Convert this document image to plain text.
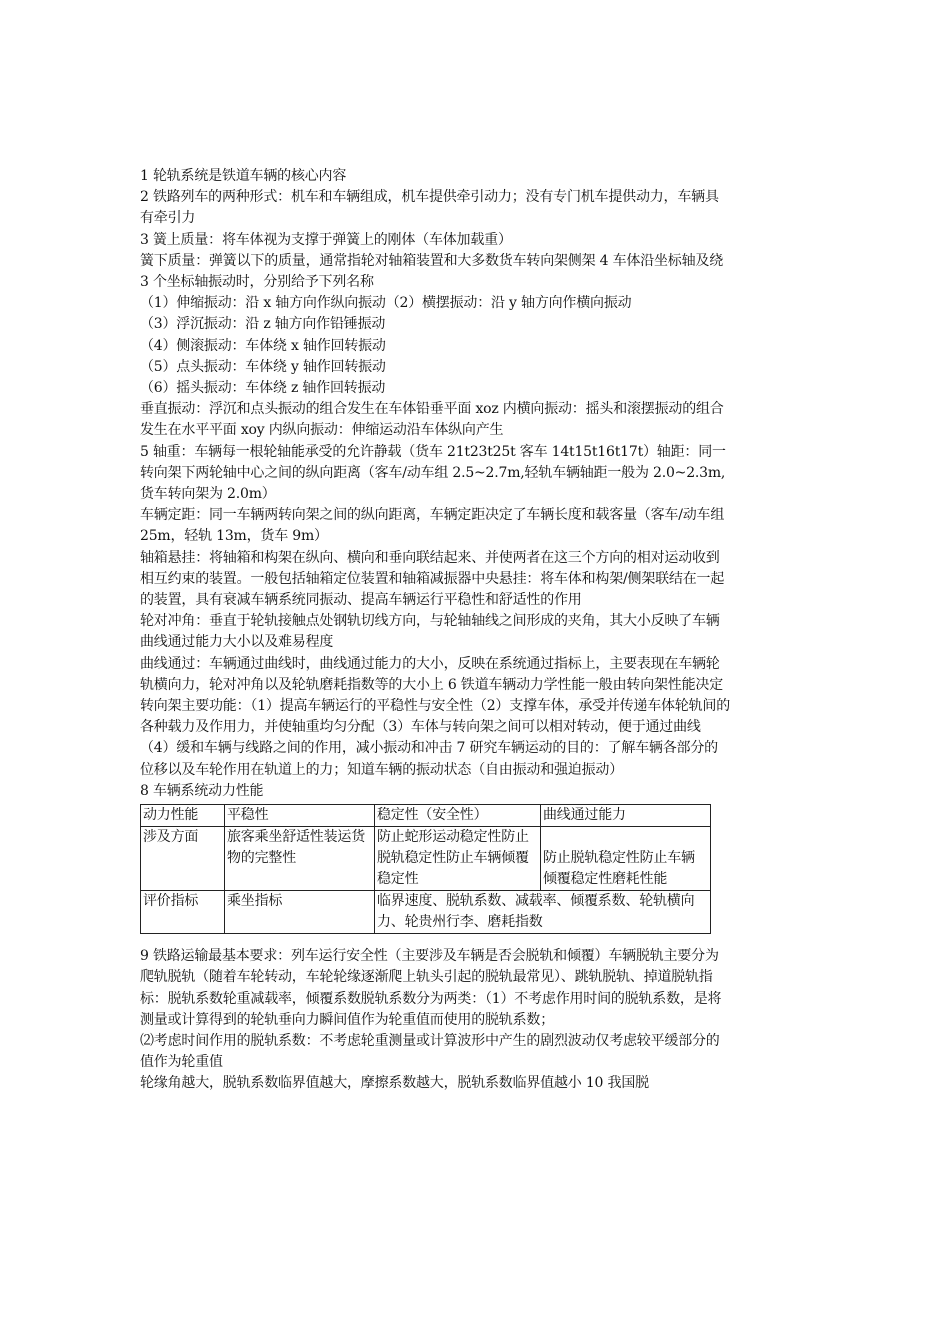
1 轮轨系统是铁道车辆的核心内容

2 铁路列车的两种形式：机车和车辆组成，机车提供牵引动力；没有专门机车提供动力，车辆具有牵引力

3 簧上质量：将车体视为支撑于弹簧上的刚体（车体加载重）

簧下质量：弹簧以下的质量，通常指轮对轴箱装置和大多数货车转向架侧架 4 车体沿坐标轴及绕 3 个坐标轴振动时，分别给予下列名称

（1）伸缩振动：沿 x 轴方向作纵向振动（2）横摆振动：沿 y 轴方向作横向振动

（3）浮沉振动：沿 z 轴方向作铅锤振动

（4）侧滚振动：车体绕 x 轴作回转振动

（5）点头振动：车体绕 y 轴作回转振动

（6）摇头振动：车体绕 z 轴作回转振动

垂直振动：浮沉和点头振动的组合发生在车体铅垂平面 xoz 内横向振动：摇头和滚摆振动的组合发生在水平平面 xoy 内纵向振动：伸缩运动沿车体纵向产生

5 轴重：车辆每一根轮轴能承受的允许静载（货车 21t23t25t 客车 14t15t16t17t）轴距：同一转向架下两轮轴中心之间的纵向距离（客车/动车组 2.5~2.7m,轻轨车辆轴距一般为 2.0~2.3m,货车转向架为 2.0m）

车辆定距：同一车辆两转向架之间的纵向距离，车辆定距决定了车辆长度和载客量（客车/动车组 25m，轻轨 13m，货车 9m）

轴箱悬挂：将轴箱和构架在纵向、横向和垂向联结起来、并使两者在这三个方向的相对运动收到相互约束的装置。一般包括轴箱定位装置和轴箱减振器中央悬挂：将车体和构架/侧架联结在一起的装置，具有衰减车辆系统同振动、提高车辆运行平稳性和舒适性的作用

轮对冲角：垂直于轮轨接触点处钢轨切线方向，与轮轴轴线之间形成的夹角，其大小反映了车辆曲线通过能力大小以及难易程度

曲线通过：车辆通过曲线时，曲线通过能力的大小，反映在系统通过指标上，主要表现在车辆轮轨横向力，轮对冲角以及轮轨磨耗指数等的大小上 6 铁道车辆动力学性能一般由转向架性能决定

转向架主要功能：（1）提高车辆运行的平稳性与安全性（2）支撑车体，承受并传递车体轮轨间的各种载力及作用力，并使轴重均匀分配（3）车体与转向架之间可以相对转动，便于通过曲线（4）缓和车辆与线路之间的作用，减小振动和冲击 7 研究车辆运动的目的：了解车辆各部分的位移以及车轮作用在轨道上的力；知道车辆的振动状态（自由振动和强迫振动）

8 车辆系统动力性能

动力性能	平稳性	稳定性（安全性）	曲线通过能力
涉及方面	旅客乘坐舒适性装运货物的完整性	防止蛇形运动稳定性防止脱轨稳定性防止车辆倾覆稳定性	防止脱轨稳定性防止车辆倾覆稳定性磨耗性能
评价指标	乘坐指标	临界速度、脱轨系数、减载率、倾覆系数、轮轨横向力、轮贵州行李、磨耗指数	

9 铁路运输最基本要求：列车运行安全性（主要涉及车辆是否会脱轨和倾覆）车辆脱轨主要分为爬轨脱轨（随着车轮转动，车轮轮缘逐渐爬上轨头引起的脱轨最常见）、跳轨脱轨、掉道脱轨指标：脱轨系数轮重减载率，倾覆系数脱轨系数分为两类：（1）不考虑作用时间的脱轨系数，是将测量或计算得到的轮轨垂向力瞬间值作为轮重值而使用的脱轨系数；

⑵考虑时间作用的脱轨系数：不考虑轮重测量或计算波形中产生的剧烈波动仅考虑较平缓部分的值作为轮重值

轮缘角越大，脱轨系数临界值越大，摩擦系数越大，脱轨系数临界值越小 10 我国脱
